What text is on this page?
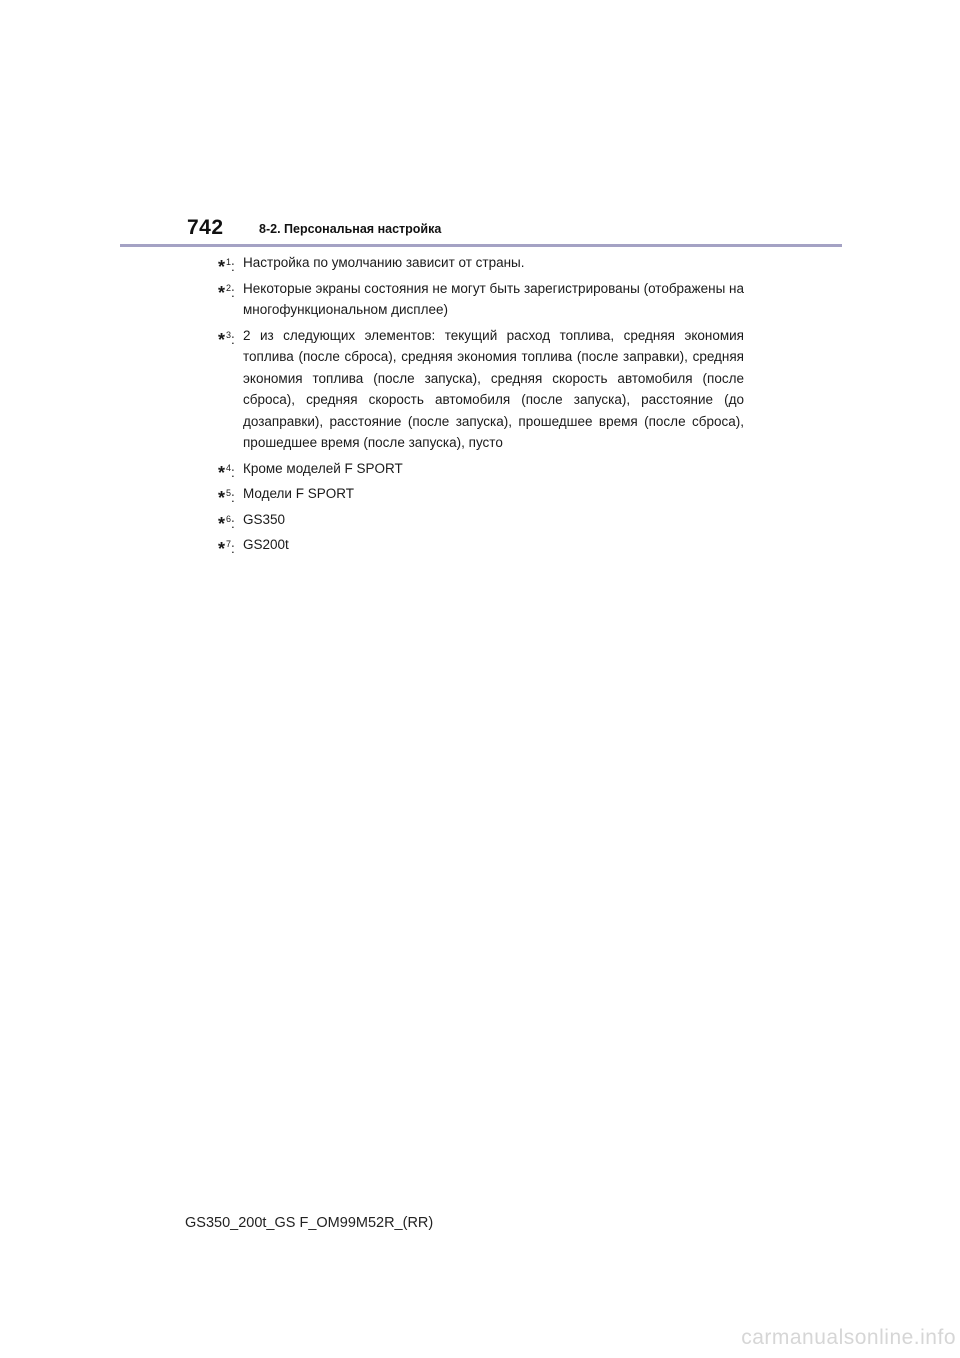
742	8-2. Персональная настройка
*$^1$: Настройка по умолчанию зависит от страны.
*$^2$: Некоторые экраны состояния не могут быть зарегистрированы (отображены на многофункциональном дисплее)
*$^3$: 2 из следующих элементов: текущий расход топлива, средняя экономия топлива (после сброса), средняя экономия топлива (после заправки), средняя экономия топлива (после запуска), средняя скорость автомобиля (после сброса), средняя скорость автомобиля (после запуска), расстояние (до дозаправки), расстояние (после запуска), прошедшее время (после сброса), прошедшее время (после запуска), пусто
*$^4$: Кроме моделей F SPORT
*$^5$: Модели F SPORT
*$^6$: GS350
*$^7$: GS200t
GS350_200t_GS F_OM99M52R_(RR)
carmanualsonline.info
